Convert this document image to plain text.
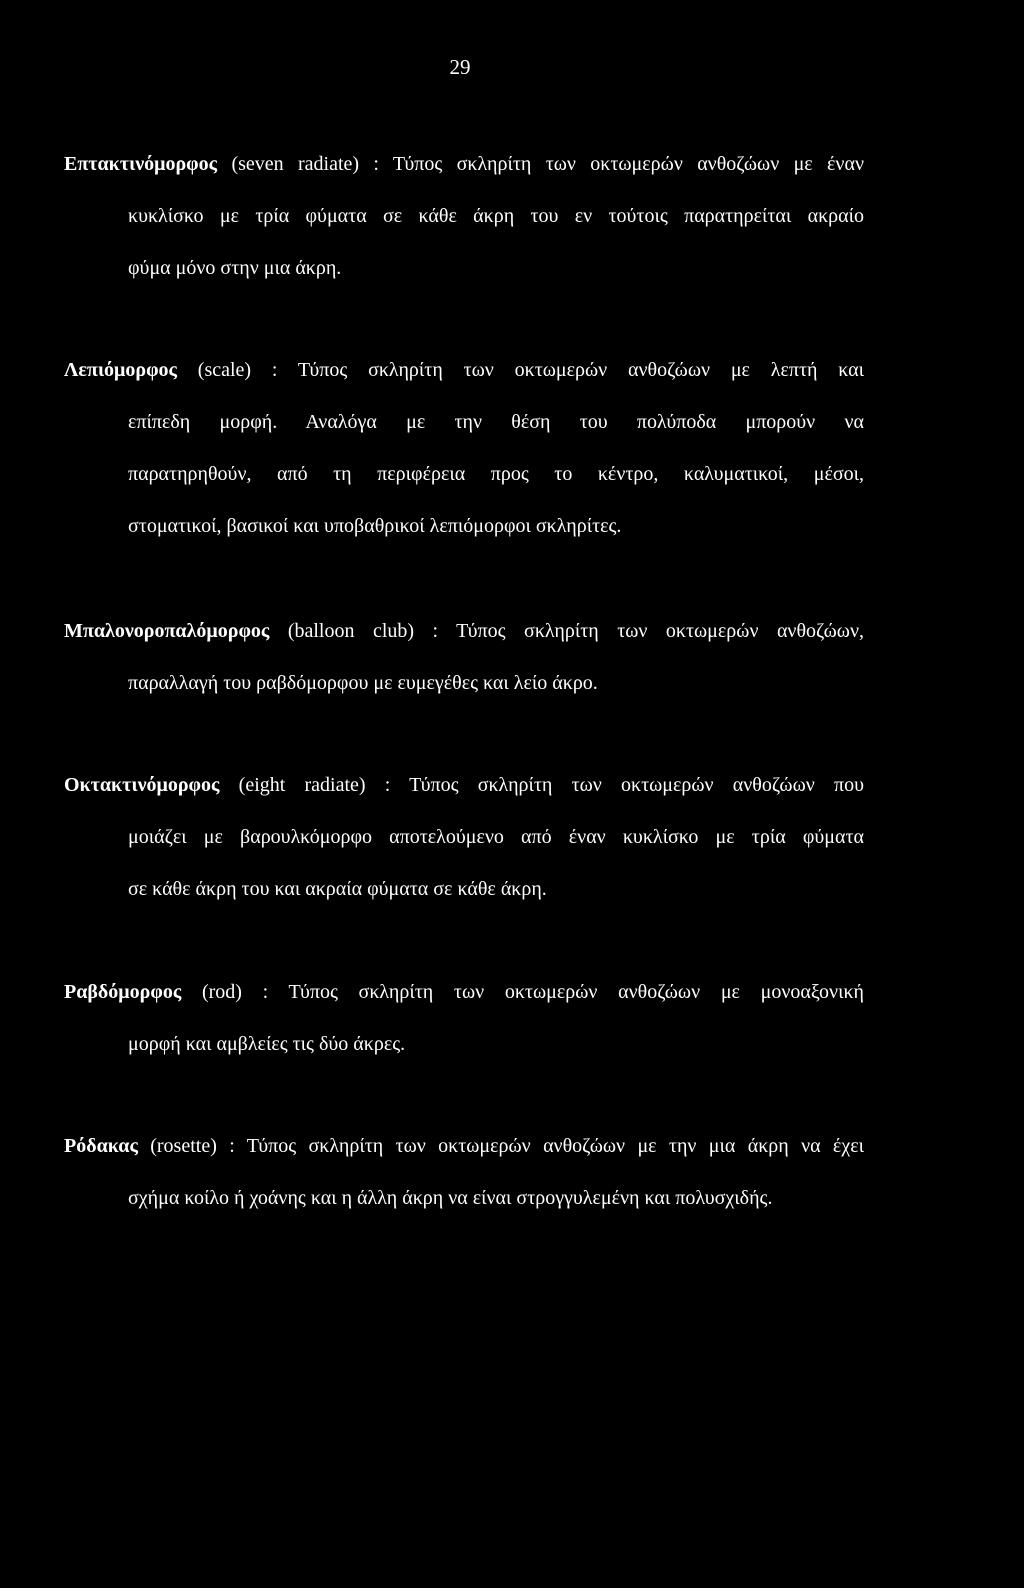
29
Επτακτινόμορφος (seven radiate) : Τύπος σκληρίτη των οκτωμερών ανθοζώων με έναν
κυκλίσκο με τρία φύματα σε κάθε άκρη του εν τούτοις παρατηρείται ακραίο
φύμα μόνο στην μια άκρη.
Λεπιόμορφος (scale) : Τύπος σκληρίτη των οκτωμερών ανθοζώων με λεπτή και
επίπεδη μορφή. Αναλόγα με την θέση του πολύποδα μπορούν να
παρατηρηθούν, από τη περιφέρεια προς το κέντρο, καλυματικοί, μέσοι,
στοματικοί, βασικοί και υποβαθρικοί λεπιόμορφοι σκληρίτες.
Μπαλονοροπαλόμορφος (balloon club) : Τύπος σκληρίτη των οκτωμερών ανθοζώων,
παραλλαγή του ραβδόμορφου με ευμεγέθες και λείο άκρο.
Οκτακτινόμορφος (eight radiate) : Τύπος σκληρίτη των οκτωμερών ανθοζώων που
μοιάζει με βαρουλκόμορφο αποτελούμενο από έναν κυκλίσκο με τρία φύματα
σε κάθε άκρη του και ακραία φύματα σε κάθε άκρη.
Ραβδόμορφος (rod) : Τύπος σκληρίτη των οκτωμερών ανθοζώων με μονοαξονική
μορφή και αμβλείες τις δύο άκρες.
Ρόδακας (rosette) : Τύπος σκληρίτη των οκτωμερών ανθοζώων με την μια άκρη να έχει
σχήμα κοίλο ή χοάνης και η άλλη άκρη να είναι στρογγυλεμένη και πολυσχιδής.
